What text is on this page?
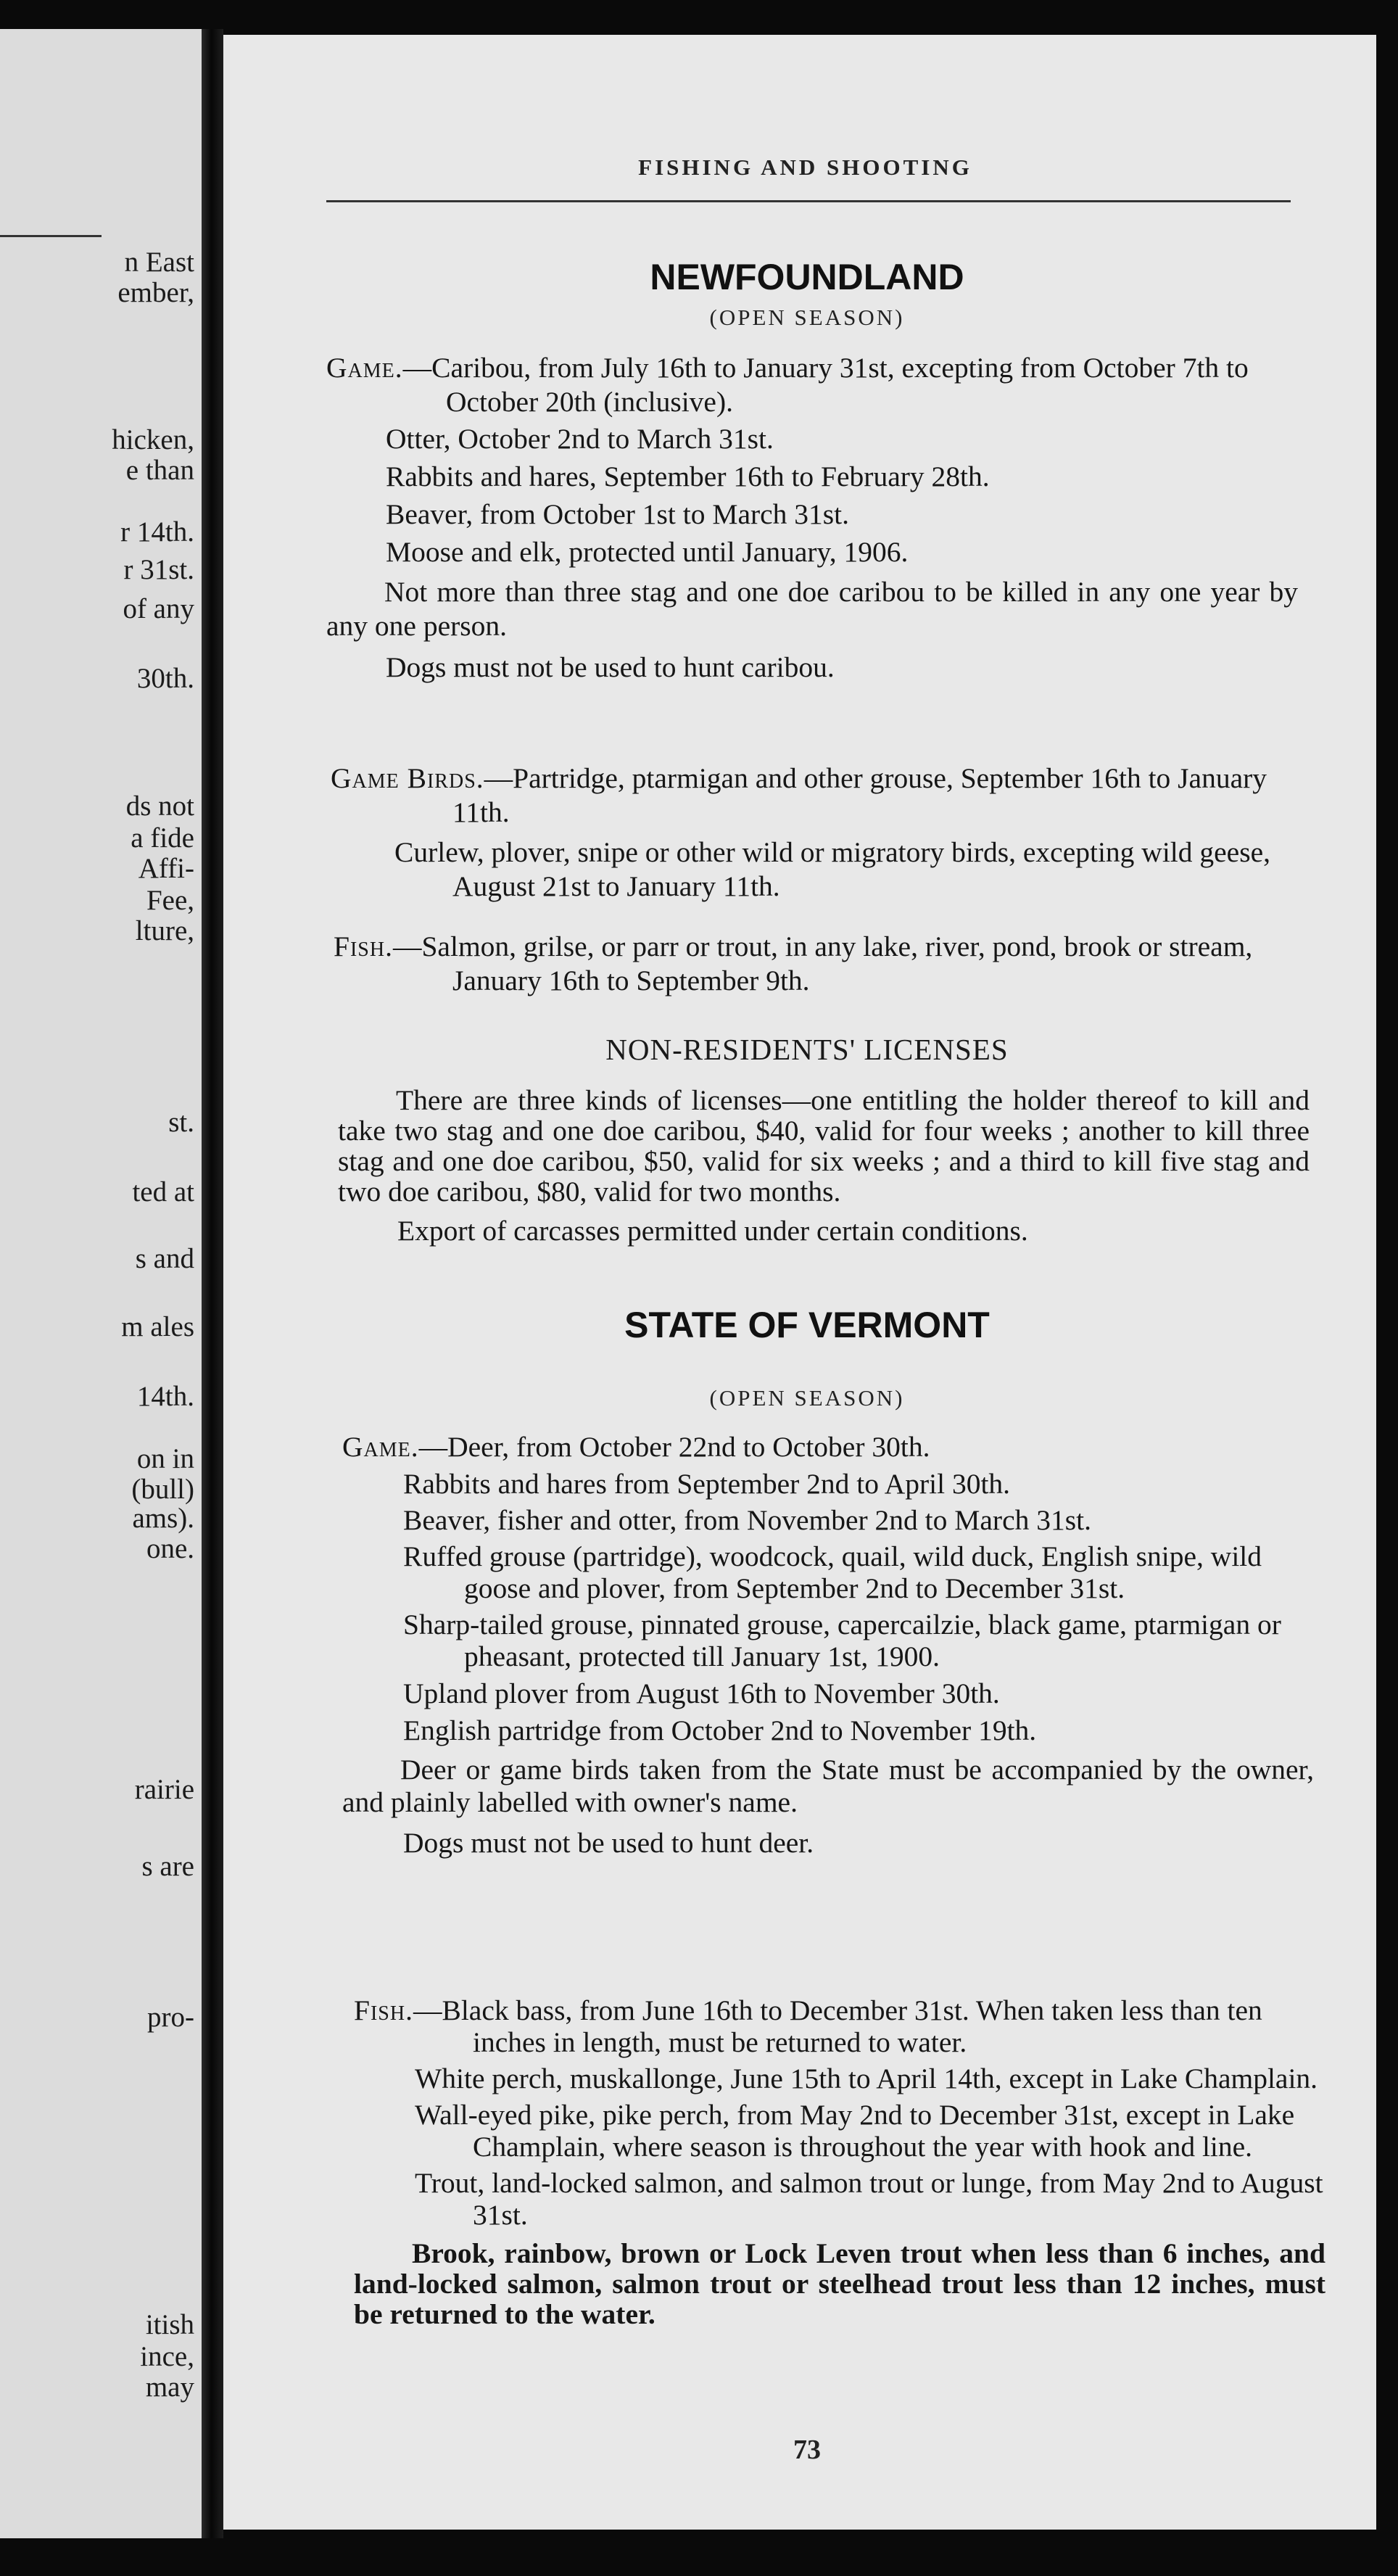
n East

ember,

hicken,

e than

r 14th.

r 31st.

of any

30th.

ds not

a fide

Affi-

Fee,

lture,

st.

ted at

s and

m ales

14th.

on in

(bull)

ams).

one.

rairie

s are

pro-

itish

ince,

may

FISHING AND SHOOTING
NEWFOUNDLAND

(OPEN SEASON)

Game.—Caribou, from July 16th to January 31st, excepting from October 7th to October 20th (inclusive).
Otter, October 2nd to March 31st.
Rabbits and hares, September 16th to February 28th.
Beaver, from October 1st to March 31st.
Moose and elk, protected until January, 1906.
Not more than three stag and one doe caribou to be killed in any one year by any one person.
Dogs must not be used to hunt caribou.
Game Birds.—Partridge, ptarmigan and other grouse, September 16th to January 11th.
Curlew, plover, snipe or other wild or migratory birds, excepting wild geese, August 21st to January 11th.
Fish.—Salmon, grilse, or parr or trout, in any lake, river, pond, brook or stream, January 16th to September 9th.

NON-RESIDENTS' LICENSES

There are three kinds of licenses—one entitling the holder thereof to kill and take two stag and one doe caribou, $40, valid for four weeks ; another to kill three stag and one doe caribou, $50, valid for six weeks ; and a third to kill five stag and two doe caribou, $80, valid for two months.
Export of carcasses permitted under certain conditions.
STATE OF VERMONT

(OPEN SEASON)

Game.—Deer, from October 22nd to October 30th.
Rabbits and hares from September 2nd to April 30th.
Beaver, fisher and otter, from November 2nd to March 31st.
Ruffed grouse (partridge), woodcock, quail, wild duck, English snipe, wild goose and plover, from September 2nd to December 31st.
Sharp-tailed grouse, pinnated grouse, capercailzie, black game, ptarmigan or pheasant, protected till January 1st, 1900.
Upland plover from August 16th to November 30th.
English partridge from October 2nd to November 19th.
Deer or game birds taken from the State must be accompanied by the owner, and plainly labelled with owner's name.
Dogs must not be used to hunt deer.
Fish.—Black bass, from June 16th to December 31st. When taken less than ten inches in length, must be returned to water.
White perch, muskallonge, June 15th to April 14th, except in Lake Champlain.
Wall-eyed pike, pike perch, from May 2nd to December 31st, except in Lake Champlain, where season is throughout the year with hook and line.
Trout, land-locked salmon, and salmon trout or lunge, from May 2nd to August 31st.
Brook, rainbow, brown or Lock Leven trout when less than 6 inches, and land-locked salmon, salmon trout or steelhead trout less than 12 inches, must be returned to the water.
73
